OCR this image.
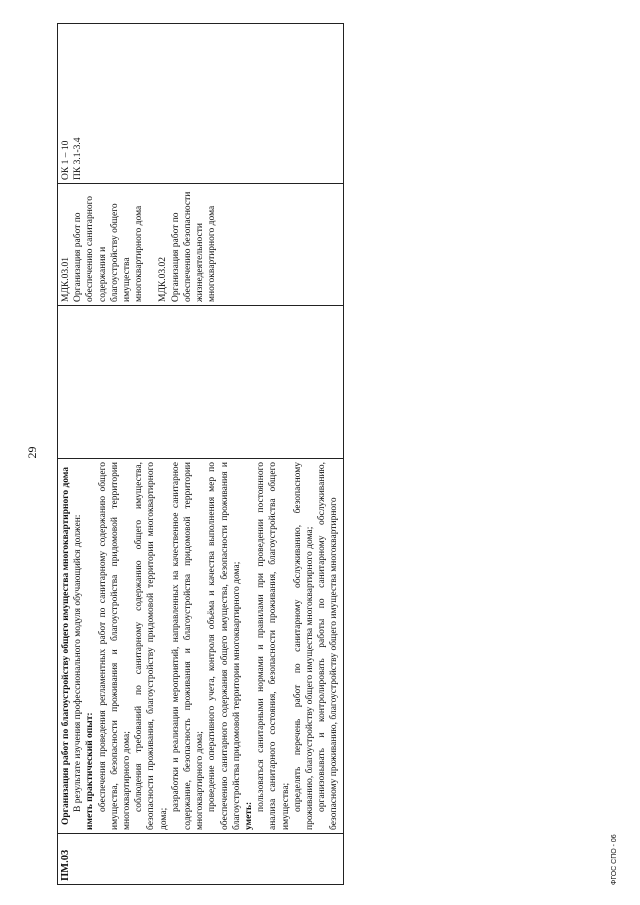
29
ПМ.03

Организация работ по благоустройству общего имущества многоквартирного дома В результате изучения профессионального модуля обучающийся должен: иметь практический опыт: обеспечения проведения регламентных работ по санитарному содержанию общего имущества, безопасности проживания и благоустройства придомовой территории многоквартирного дома; соблюдения требований по санитарному содержанию общего имущества, безопасности проживания, благоустройству придомовой территории многоквартирного дома;

разработки и реализации мероприятий, направленных на качественное санитарное содержание, безопасность проживания и благоустройства придомовой территории многоквартирного дома; проведение оперативного учета, контроля объёма и качества выполнения мер по обеспечению санитарного содержания общего имущества, безопасности проживания и благоустройства придомовой территории многоквартирного дома; уметь:

пользоваться санитарными нормами и правилами при проведении постоянного анализа санитарного состояния, безопасности проживания, благоустройства общего имущества; определять перечень работ по санитарному обслуживанию, безопасному проживанию, благоустройству общего имущества многоквартирного дома; организовывать и контролировать работы по санитарному обслуживанию, безопасному проживанию, благоустройству общего имущества многоквартирного

МДК.03.01 Организация работ по обеспечению санитарного содержания и благоустройству общего имущества многоквартирного дома МДК.03.02 Организация работ по обеспечению безопасности жизнедеятельности многоквартирного дома

ОК 1 – 10 ПК 3.1-3.4

ФГОС СПО - 06
